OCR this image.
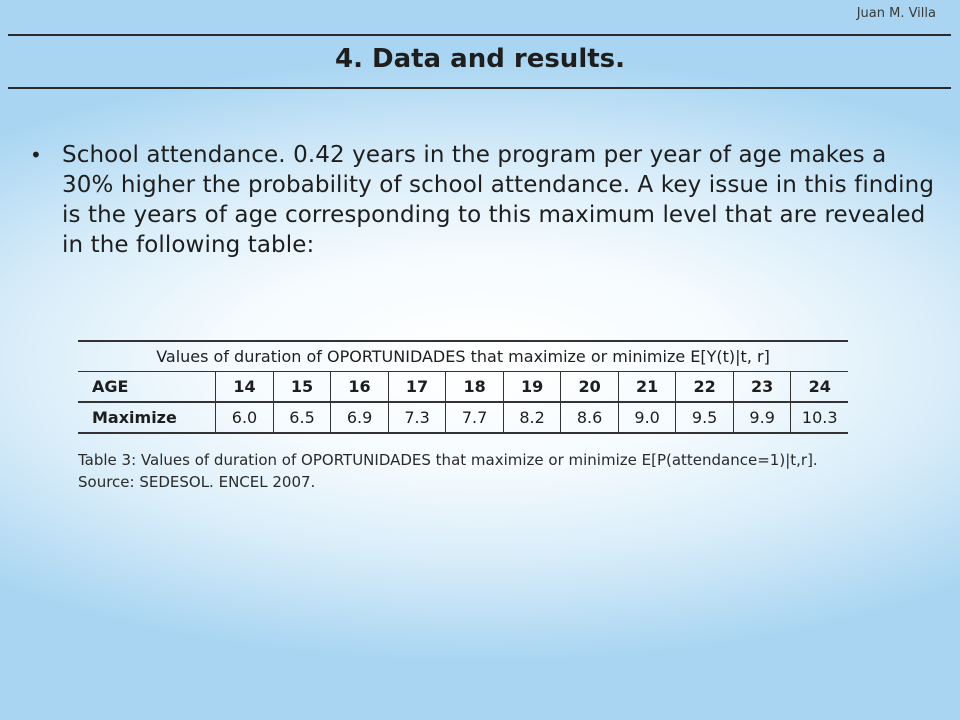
Juan M. Villa
4. Data and results.
• School attendance. 0.42 years in the program per year of age makes a 30% higher the probability of school attendance. A key issue in this finding is the years of age corresponding to this maximum level that are revealed in the following table:
Values of duration of OPORTUNIDADES that maximize or minimize E[Y(t)|t, r]											
AGE	14	15	16	17	18	19	20	21	22	23	24
Maximize	6.0	6.5	6.9	7.3	7.7	8.2	8.6	9.0	9.5	9.9	10.3
Table 3: Values of duration of OPORTUNIDADES that maximize or minimize E[P(attendance=1)|t,r].
Source: SEDESOL. ENCEL 2007.
